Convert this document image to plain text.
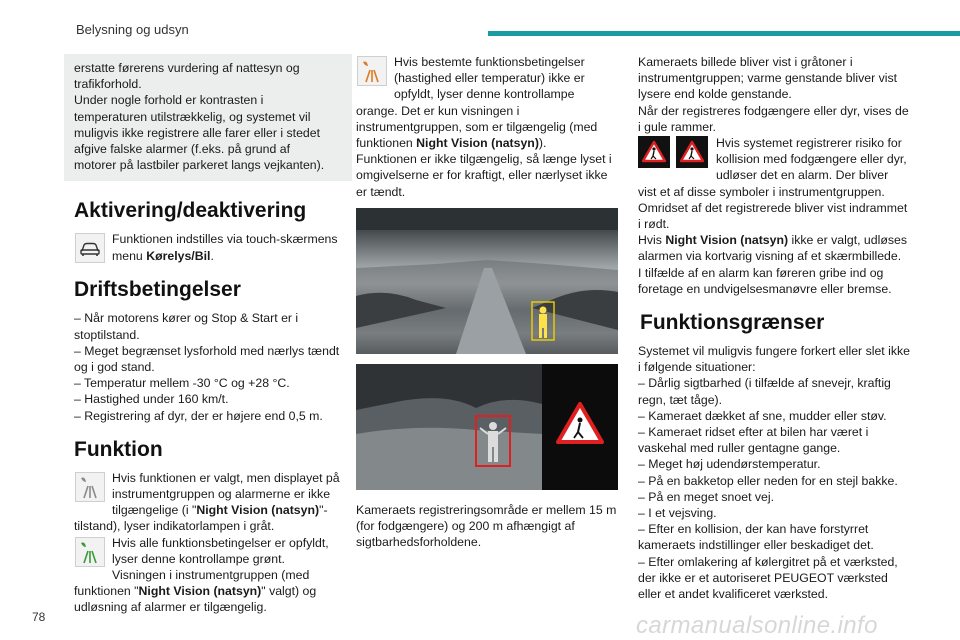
Belysning og udsyn

erstatte førerens vurdering af nattesyn og

trafikforhold.

Under nogle forhold er kontrasten i

temperaturen utilstrækkelig, og systemet vil

muligvis ikke registrere alle farer eller i stedet

afgive falske alarmer (f.eks. på grund af

motorer på lastbiler parkeret langs vejkanten).

Aktivering/deaktivering
Funktionen indstilles via touch-skærmens menu Kørelys/Bil.
Driftsbetingelser
– Når motorens kører og Stop & Start er i stoptilstand.
– Meget begrænset lysforhold med nærlys tændt og i god stand.
– Temperatur mellem -30 °C og +28 °C.
– Hastighed under 160 km/t.
– Registrering af dyr, der er højere end 0,5 m.
Funktion
Hvis funktionen er valgt, men displayet på instrumentgruppen og alarmerne er ikke tilgængelige (i "Night Vision (natsyn)"-tilstand), lyser indikatorlampen i gråt.
Hvis alle funktionsbetingelser er opfyldt, lyser denne kontrollampe grønt.
Visningen i instrumentgruppen (med funktionen "Night Vision (natsyn)" valgt) og udløsning af alarmer er tilgængelig.
Hvis bestemte funktionsbetingelser (hastighed eller temperatur) ikke er opfyldt, lyser denne kontrollampe orange. Det er kun visningen i instrumentgruppen, som er tilgængelig (med funktionen Night Vision (natsyn)).
Funktionen er ikke tilgængelig, så længe lyset i omgivelserne er for kraftigt, eller nærlyset ikke er tændt.
Kameraets registreringsområde er mellem 15 m (for fodgængere) og 200 m afhængigt af sigtbarhedsforholdene.
Kameraets billede bliver vist i gråtoner i instrumentgruppen; varme genstande bliver vist lysere end kolde genstande.
Når der registreres fodgængere eller dyr, vises de i gule rammer.
Hvis systemet registrerer risiko for kollision med fodgængere eller dyr, udløser det en alarm. Der bliver vist et af disse symboler i instrumentgruppen. Omridset af det registrerede bliver vist indrammet i rødt.
Hvis Night Vision (natsyn) ikke er valgt, udløses alarmen via kortvarig visning af et skærmbillede.
I tilfælde af en alarm kan føreren gribe ind og foretage en undvigelsesmanøvre eller bremse.
Funktionsgrænser
Systemet vil muligvis fungere forkert eller slet ikke i følgende situationer:
– Dårlig sigtbarhed (i tilfælde af snevejr, kraftig regn, tæt tåge).
– Kameraet dækket af sne, mudder eller støv.
– Kameraet ridset efter at bilen har været i vaskehal med ruller gentagne gange.
– Meget høj udendørstemperatur.
– På en bakketop eller neden for en stejl bakke.
– På en meget snoet vej.
– I et vejsving.
– Efter en kollision, der kan have forstyrret kameraets indstillinger eller beskadiget det.
– Efter omlakering af kølergitret på et værksted, der ikke er et autoriseret PEUGEOT værksted eller et andet kvalificeret værksted.
78	carmanualsonline.info
